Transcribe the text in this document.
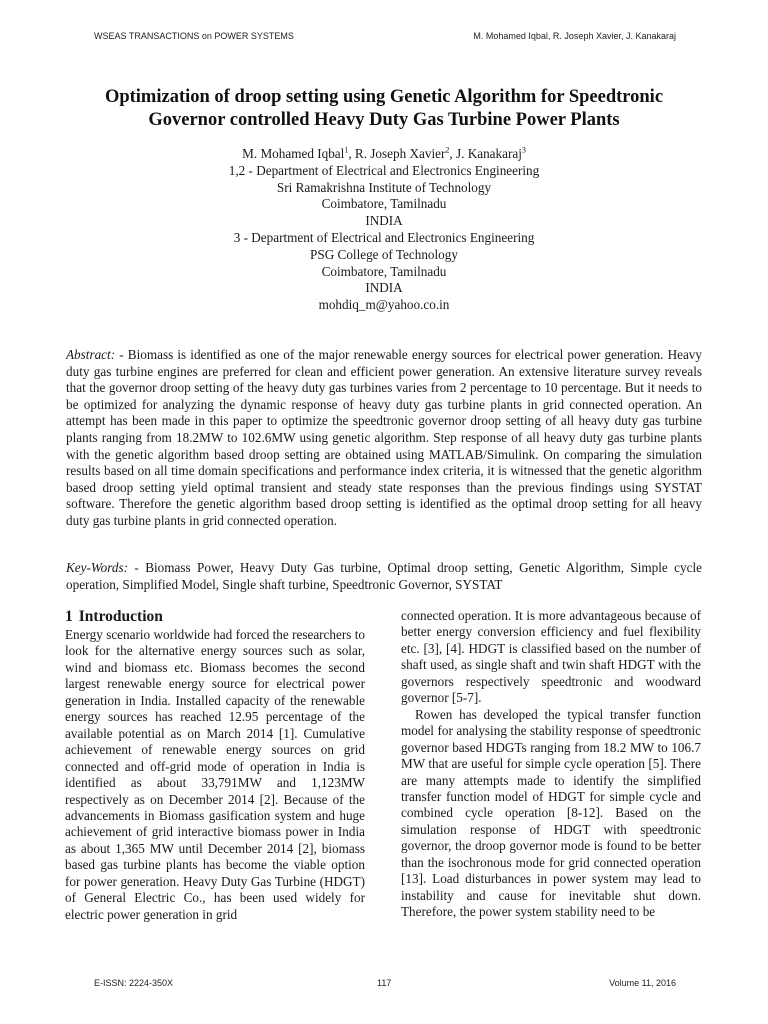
WSEAS TRANSACTIONS on POWER SYSTEMS	M. Mohamed Iqbal, R. Joseph Xavier, J. Kanakaraj
Optimization of droop setting using Genetic Algorithm for Speedtronic
Governor controlled Heavy Duty Gas Turbine Power Plants
M. Mohamed Iqbal$^1$, R. Joseph Xavier$^2$, J. Kanakaraj$^3$
1,2 - Department of Electrical and Electronics Engineering
Sri Ramakrishna Institute of Technology
Coimbatore, Tamilnadu
INDIA
3 - Department of Electrical and Electronics Engineering
PSG College of Technology
Coimbatore, Tamilnadu
INDIA
mohdiq_m@yahoo.co.in
Abstract: - Biomass is identified as one of the major renewable energy sources for electrical power generation. Heavy duty gas turbine engines are preferred for clean and efficient power generation. An extensive literature survey reveals that the governor droop setting of the heavy duty gas turbines varies from 2 percentage to 10 percentage. But it needs to be optimized for analyzing the dynamic response of heavy duty gas turbine plants in grid connected operation. An attempt has been made in this paper to optimize the speedtronic governor droop setting of all heavy duty gas turbine plants ranging from 18.2MW to 102.6MW using genetic algorithm. Step response of all heavy duty gas turbine plants with the genetic algorithm based droop setting are obtained using MATLAB/Simulink. On comparing the simulation results based on all time domain specifications and performance index criteria, it is witnessed that the genetic algorithm based droop setting yield optimal transient and steady state responses than the previous findings using SYSTAT software. Therefore the genetic algorithm based droop setting is identified as the optimal droop setting for all heavy duty gas turbine plants in grid connected operation.
Key-Words: - Biomass Power, Heavy Duty Gas turbine, Optimal droop setting, Genetic Algorithm, Simple cycle operation, Simplified Model, Single shaft turbine, Speedtronic Governor, SYSTAT
1 Introduction

Energy scenario worldwide had forced the researchers to look for the alternative energy sources such as solar, wind and biomass etc. Biomass becomes the second largest renewable energy source for electrical power generation in India. Installed capacity of the renewable energy sources has reached 12.95 percentage of the available potential as on March 2014 [1]. Cumulative achievement of renewable energy sources on grid connected and off-grid mode of operation in India is identified as about 33,791MW and 1,123MW respectively as on December 2014 [2]. Because of the advancements in Biomass gasification system and huge achievement of grid interactive biomass power in India as about 1,365 MW until December 2014 [2], biomass based gas turbine plants has become the viable option for power generation. Heavy Duty Gas Turbine (HDGT) of General Electric Co., has been used widely for electric power generation in grid

connected operation. It is more advantageous because of better energy conversion efficiency and fuel flexibility etc. [3], [4]. HDGT is classified based on the number of shaft used, as single shaft and twin shaft HDGT with the governors respectively speedtronic and woodward governor [5-7].

Rowen has developed the typical transfer function model for analysing the stability response of speedtronic governor based HDGTs ranging from 18.2 MW to 106.7 MW that are useful for simple cycle operation [5]. There are many attempts made to identify the simplified transfer function model of HDGT for simple cycle and combined cycle operation [8-12]. Based on the simulation response of HDGT with speedtronic governor, the droop governor mode is found to be better than the isochronous mode for grid connected operation [13]. Load disturbances in power system may lead to instability and cause for inevitable shut down. Therefore, the power system stability need to be

E-ISSN: 2224-350X	117	Volume 11, 2016
